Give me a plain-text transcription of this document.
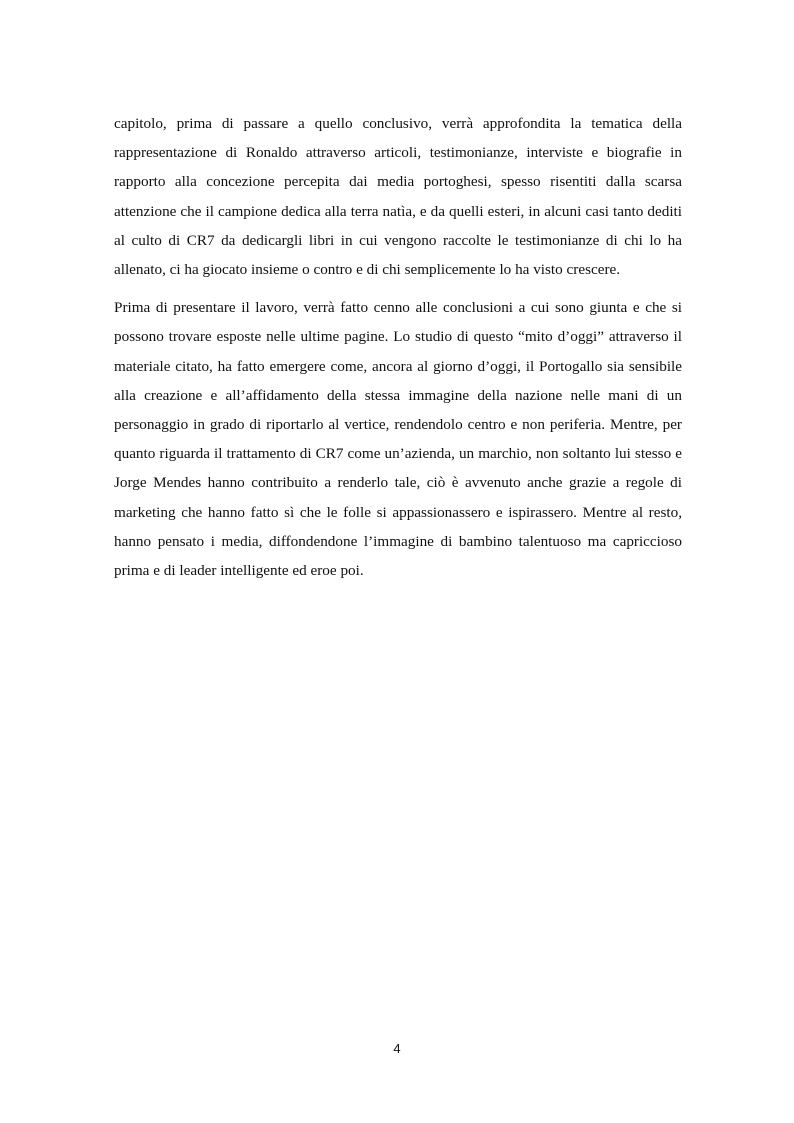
capitolo, prima di passare a quello conclusivo, verrà approfondita la tematica della rappresentazione di Ronaldo attraverso articoli, testimonianze, interviste e biografie in rapporto alla concezione percepita dai media portoghesi, spesso risentiti dalla scarsa attenzione che il campione dedica alla terra natìa, e da quelli esteri, in alcuni casi tanto dediti al culto di CR7 da dedicargli libri in cui vengono raccolte le testimonianze di chi lo ha allenato, ci ha giocato insieme o contro e di chi semplicemente lo ha visto crescere.

Prima di presentare il lavoro, verrà fatto cenno alle conclusioni a cui sono giunta e che si possono trovare esposte nelle ultime pagine. Lo studio di questo “mito d’oggi” attraverso il materiale citato, ha fatto emergere come, ancora al giorno d’oggi, il Portogallo sia sensibile alla creazione e all’affidamento della stessa immagine della nazione nelle mani di un personaggio in grado di riportarlo al vertice, rendendolo centro e non periferia. Mentre, per quanto riguarda il trattamento di CR7 come un’azienda, un marchio, non soltanto lui stesso e Jorge Mendes hanno contribuito a renderlo tale, ciò è avvenuto anche grazie a regole di marketing che hanno fatto sì che le folle si appassionassero e ispirassero. Mentre al resto, hanno pensato i media, diffondendone l’immagine di bambino talentuoso ma capriccioso prima e di leader intelligente ed eroe poi.

4
